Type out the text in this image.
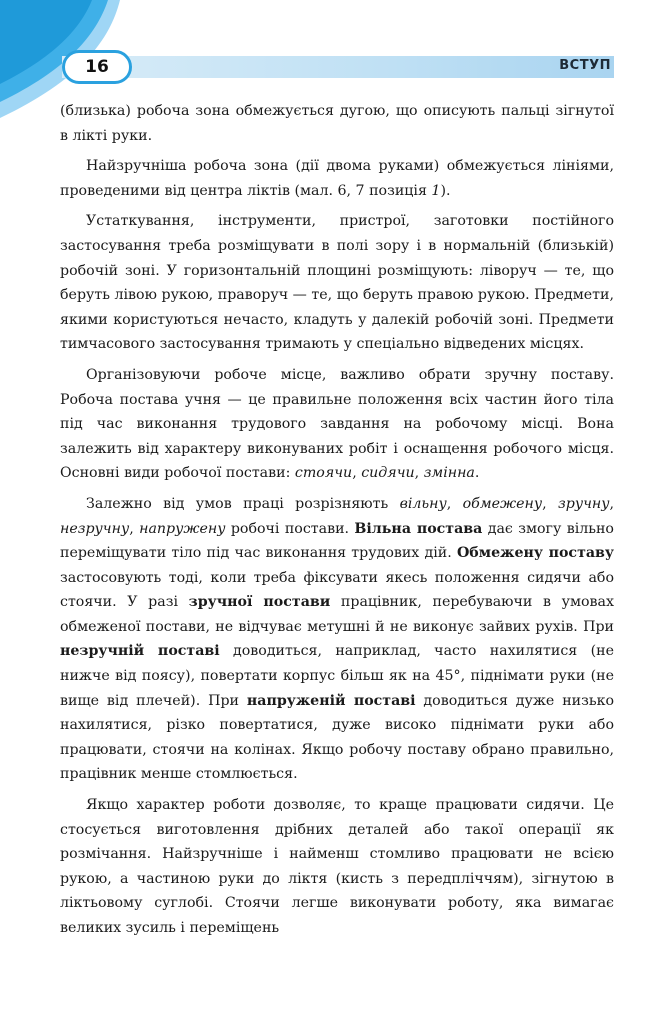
16	ВСТУП

(близька) робоча зона обмежується дугою, що описують пальці зігнутої в лікті руки.

Найзручніша робоча зона (дії двома руками) обмежується лініями, проведеними від центра ліктів (мал. 6, 7 позиція 1).

Устаткування, інструменти, пристрої, заготовки постійного застосування треба розміщувати в полі зору і в нормальній (близькій) робочій зоні. У горизонтальній площині розміщують: ліворуч — те, що беруть лівою рукою, праворуч — те, що беруть правою рукою. Предмети, якими користуються нечасто, кладуть у далекій робочій зоні. Предмети тимчасового застосування тримають у спеціально відведених місцях.

Організовуючи робоче місце, важливо обрати зручну поставу. Робоча постава учня — це правильне положення всіх частин його тіла під час виконання трудового завдання на робочому місці. Вона залежить від характеру виконуваних робіт і оснащення робочого місця. Основні види робочої постави: стоячи, сидячи, змінна.

Залежно від умов праці розрізняють вільну, обмежену, зручну, незручну, напружену робочі постави. Вільна постава дає змогу вільно переміщувати тіло під час виконання трудових дій. Обмежену поставу застосовують тоді, коли треба фіксувати якесь положення сидячи або стоячи. У разі зручної постави працівник, перебуваючи в умовах обмеженої постави, не відчуває метушні й не виконує зайвих рухів. При незручній поставі доводиться, наприклад, часто нахилятися (не нижче від поясу), повертати корпус більш як на 45°, піднімати руки (не вище від плечей). При напруженій поставі доводиться дуже низько нахилятися, різко повертатися, дуже високо піднімати руки або працювати, стоячи на колінах. Якщо робочу поставу обрано правильно, працівник менше стомлюється.

Якщо характер роботи дозволяє, то краще працювати сидячи. Це стосується виготовлення дрібних деталей або такої операції як розмічання. Найзручніше і найменш стомливо працювати не всією рукою, а частиною руки до ліктя (кисть з передпліччям), зігнутою в ліктьовому суглобі. Стоячи легше виконувати роботу, яка вимагає великих зусиль і переміщень
